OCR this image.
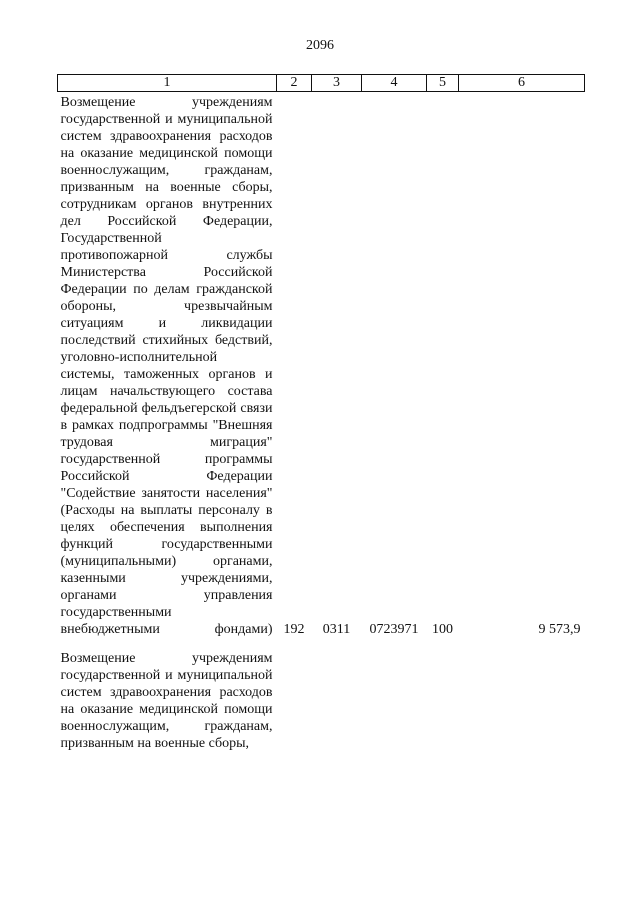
2096
1	2	3	4	5	6
Возмещение учреждениям государственной и муниципальной систем здравоохранения расходов на оказание медицинской помощи военнослужащим, гражданам, призванным на военные сборы, сотрудникам органов внутренних дел Российской Федерации, Государственной противопожарной службы Министерства Российской Федерации по делам гражданской обороны, чрезвычайным ситуациям и ликвидации последствий стихийных бедствий, уголовно-исполнительной системы, таможенных органов и лицам начальствующего состава федеральной фельдъегерской связи в рамках подпрограммы "Внешняя трудовая миграция" государственной программы Российской Федерации "Содействие занятости населения" (Расходы на выплаты персоналу в целях обеспечения выполнения функций государственными (муниципальными) органами, казенными учреждениями, органами управления государственными внебюджетными фондами)	192	0311	0723971	100	9 573,9

Возмещение учреждениям государственной и муниципальной систем здравоохранения расходов на оказание медицинской помощи военнослужащим, гражданам, призванным на военные сборы,					
